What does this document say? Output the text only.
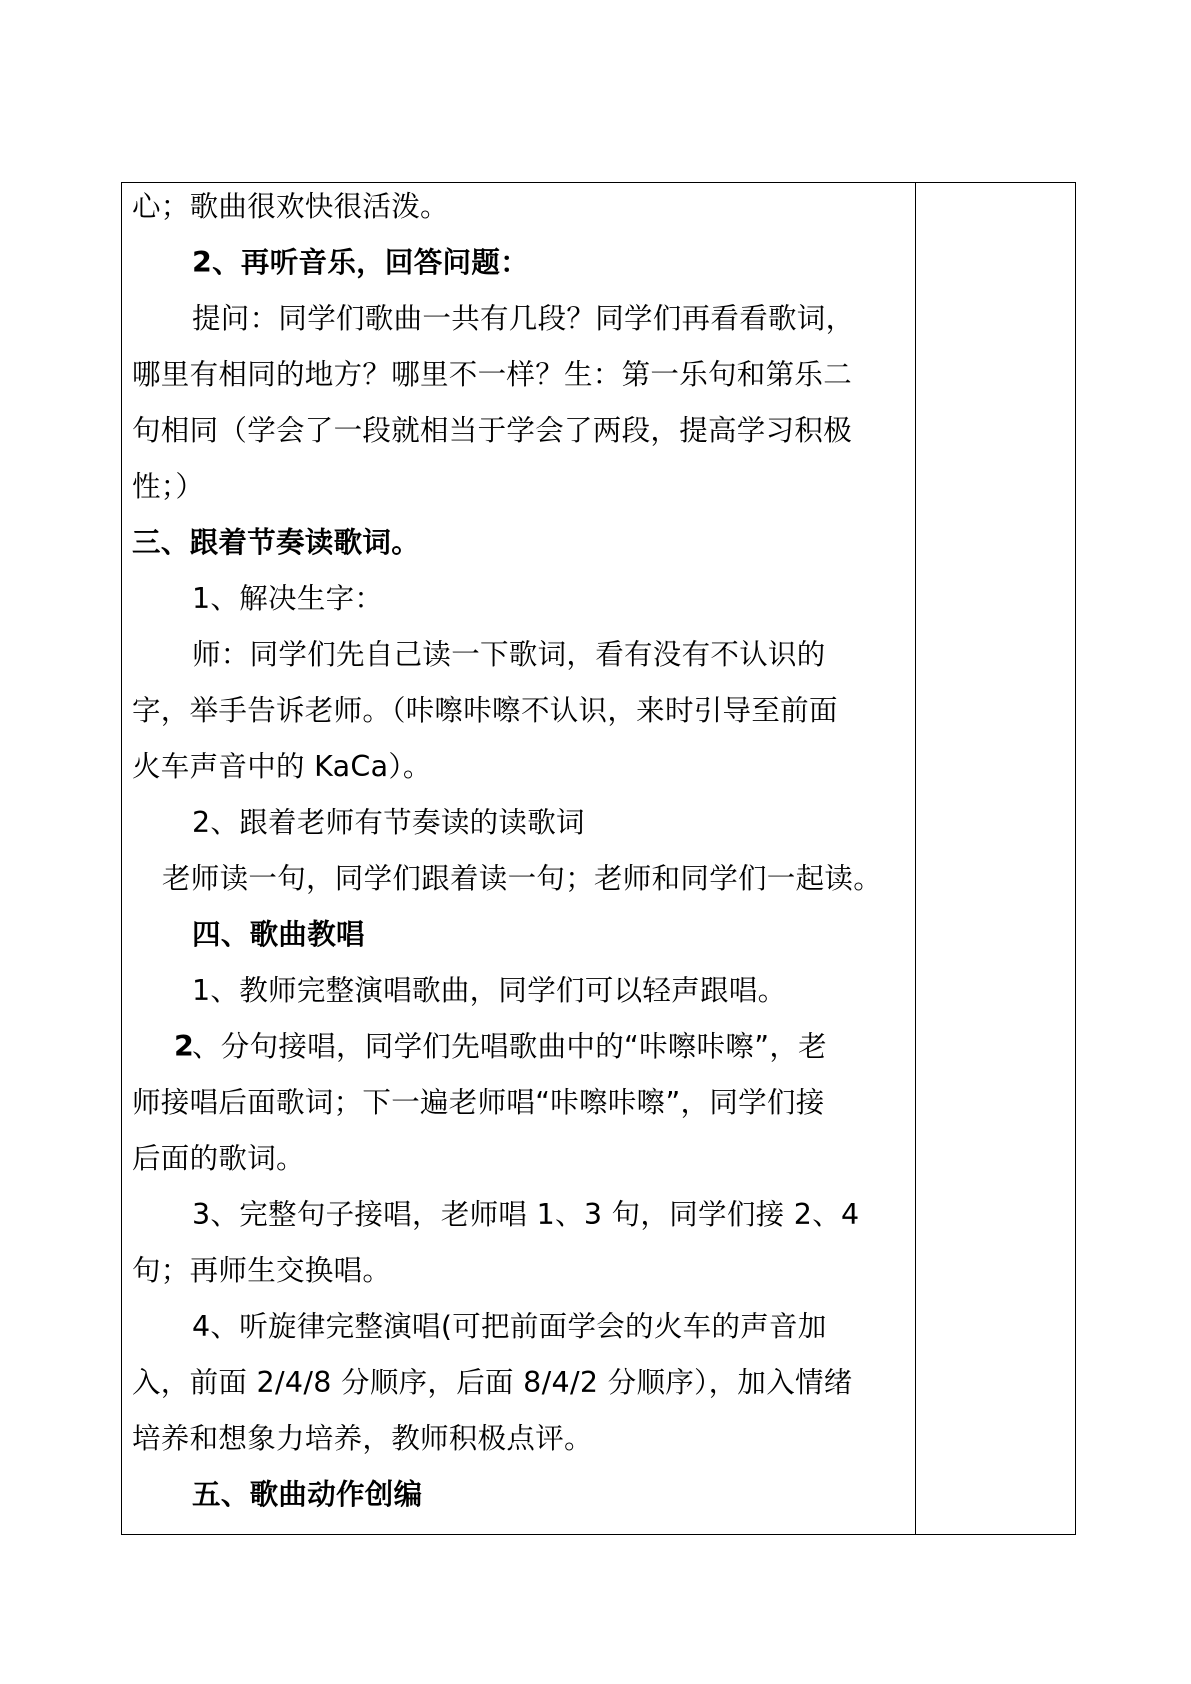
心；歌曲很欢快很活泼。
2、再听音乐，回答问题：
提问：同学们歌曲一共有几段？同学们再看看歌词，
哪里有相同的地方？哪里不一样？生：第一乐句和第乐二
句相同（学会了一段就相当于学会了两段，提高学习积极
性；）
三、跟着节奏读歌词。
1、解决生字：
师：同学们先自己读一下歌词，看有没有不认识的
字，举手告诉老师。（咔嚓咔嚓不认识，来时引导至前面
火车声音中的 KaCa）。
2、跟着老师有节奏读的读歌词
老师读一句，同学们跟着读一句；老师和同学们一起读。
四、歌曲教唱
1、教师完整演唱歌曲，同学们可以轻声跟唱。
2
、分句接唱，同学们先唱歌曲中的“咔嚓咔嚓”，老
师接唱后面歌词；下一遍老师唱“咔嚓咔嚓”，同学们接
后面的歌词。
3、完整句子接唱，老师唱 1、3 句，同学们接 2、4
句；再师生交换唱。
4、听旋律完整演唱(可把前面学会的火车的声音加
入，前面 2/4/8 分顺序，后面 8/4/2 分顺序），加入情绪
培养和想象力培养，教师积极点评。
五、歌曲动作创编
